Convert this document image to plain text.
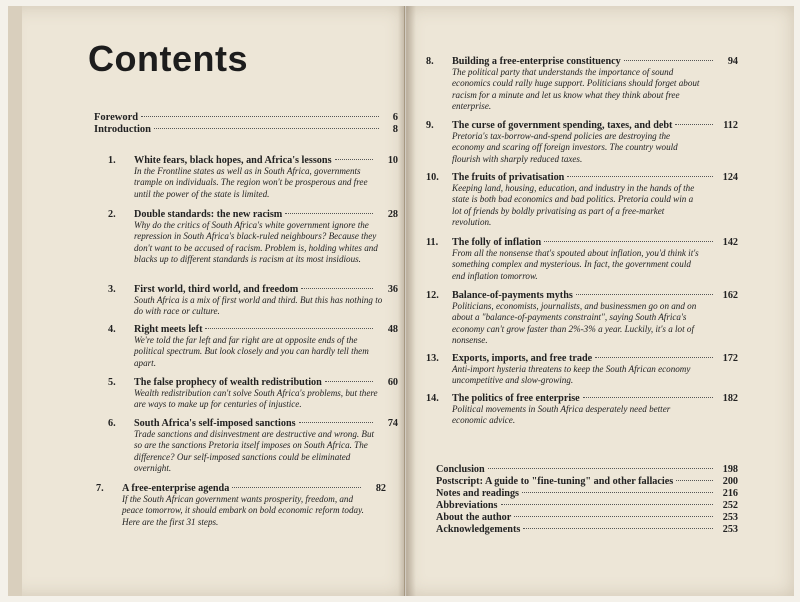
Contents
Foreword	6
Introduction	8
1.	White fears, black hopes, and Africa's lessons	10
In the Frontline states as well as in South Africa, governments trample on individuals. The region won't be prosperous and free until the power of the state is limited.
2.	Double standards: the new racism	28
Why do the critics of South Africa's white government ignore the repression in South Africa's black-ruled neighbours? Because they don't want to be accused of racism. Problem is, holding whites and blacks up to different standards is racism at its most insidious.
3.	First world, third world, and freedom	36
South Africa is a mix of first world and third. But this has nothing to do with race or culture.
4.	Right meets left	48
We're told the far left and far right are at opposite ends of the political spectrum. But look closely and you can hardly tell them apart.
5.	The false prophecy of wealth redistribution	60
Wealth redistribution can't solve South Africa's problems, but there are ways to make up for centuries of injustice.
6.	South Africa's self-imposed sanctions	74
Trade sanctions and disinvestment are destructive and wrong. But so are the sanctions Pretoria itself imposes on South Africa. The difference? Our self-imposed sanctions could be eliminated overnight.
7.	A free-enterprise agenda	82
If the South African government wants prosperity, freedom, and peace tomorrow, it should embark on bold economic reform today. Here are the first 31 steps.
8.	Building a free-enterprise constituency	94
The political party that understands the importance of sound economics could rally huge support. Politicians should forget about racism for a minute and let us know what they think about free enterprise.
9.	The curse of government spending, taxes, and debt	112
Pretoria's tax-borrow-and-spend policies are destroying the economy and scaring off foreign investors. The country would flourish with sharply reduced taxes.
10.	The fruits of privatisation	124
Keeping land, housing, education, and industry in the hands of the state is both bad economics and bad politics. Pretoria could win a lot of friends by boldly privatising as part of a free-market revolution.
11.	The folly of inflation	142
From all the nonsense that's spouted about inflation, you'd think it's something complex and mysterious. In fact, the government could end inflation tomorrow.
12.	Balance-of-payments myths	162
Politicians, economists, journalists, and businessmen go on and on about a "balance-of-payments constraint", saying South Africa's economy can't grow faster than 2%-3% a year. Luckily, it's a lot of nonsense.
13.	Exports, imports, and free trade	172
Anti-import hysteria threatens to keep the South African economy uncompetitive and slow-growing.
14.	The politics of free enterprise	182
Political movements in South Africa desperately need better economic advice.
Conclusion	198
Postscript: A guide to "fine-tuning" and other fallacies	200
Notes and readings	216
Abbreviations	252
About the author	253
Acknowledgements	253
